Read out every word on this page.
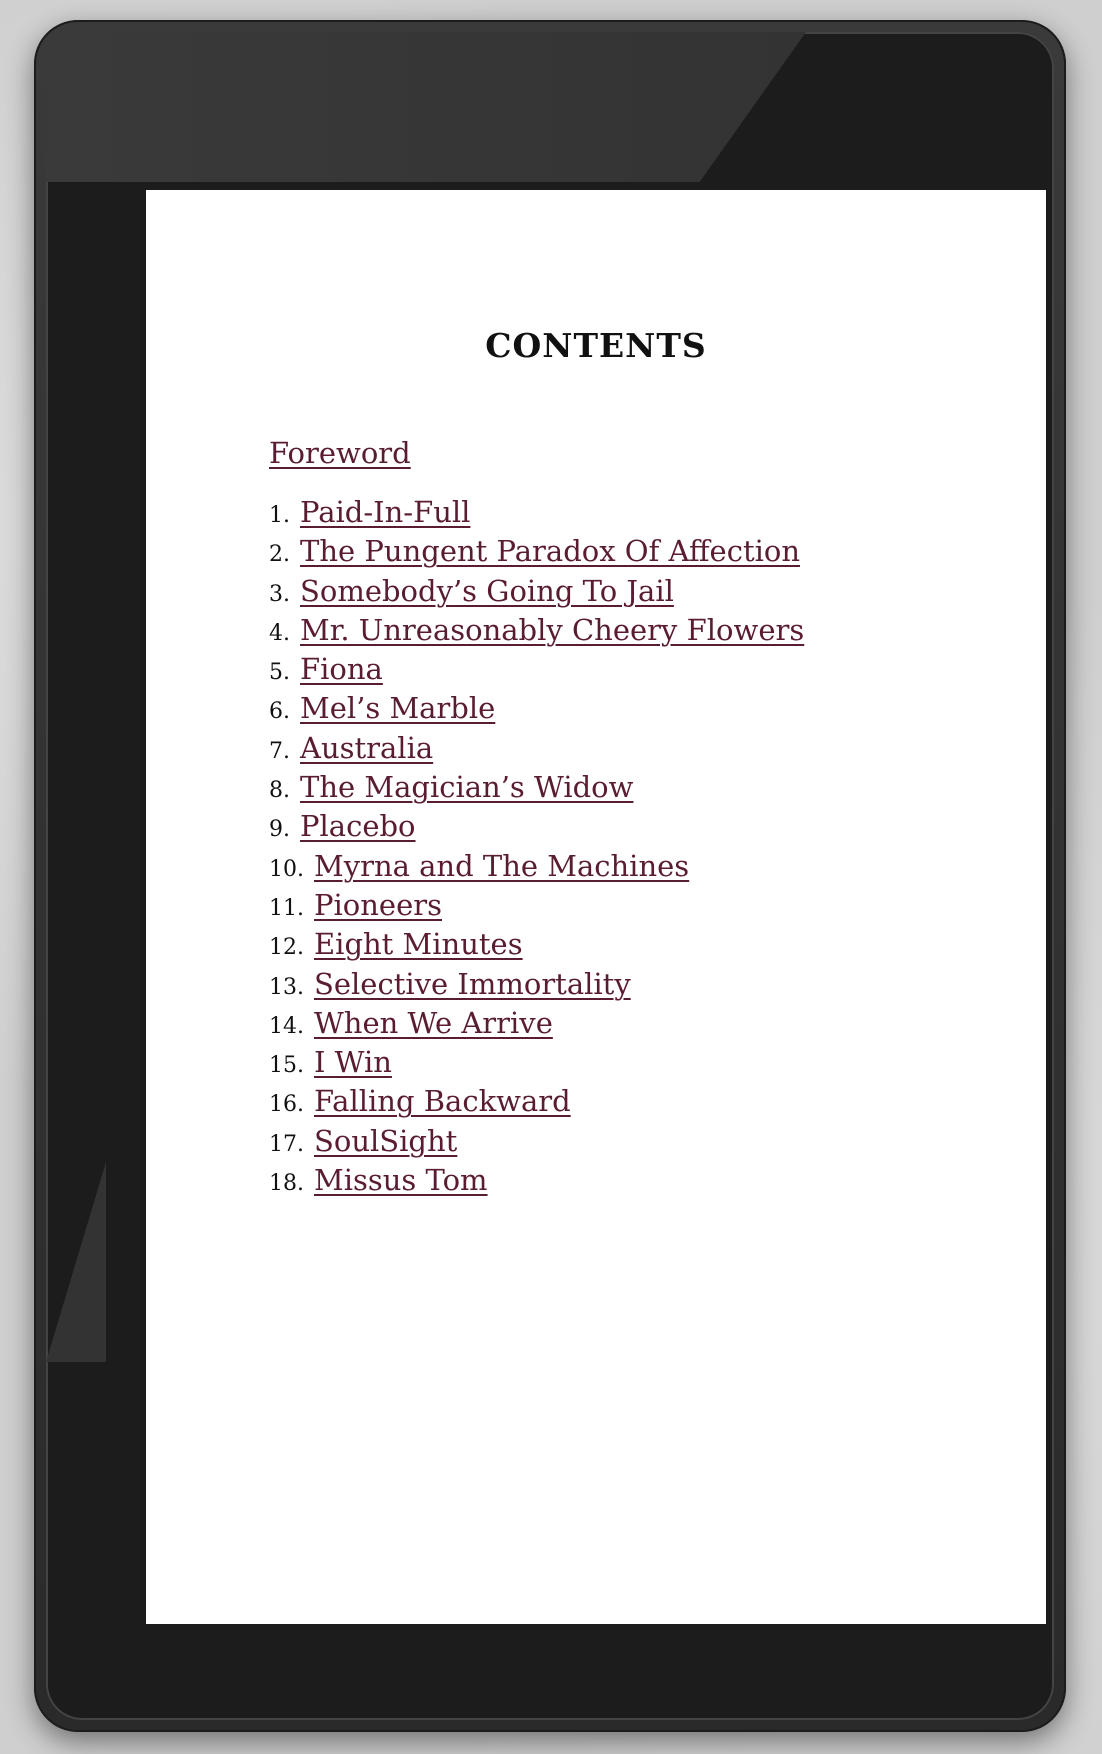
CONTENTS
Foreword
1. Paid-In-Full
2. The Pungent Paradox Of Affection
3. Somebody’s Going To Jail
4. Mr. Unreasonably Cheery Flowers
5. Fiona
6. Mel’s Marble
7. Australia
8. The Magician’s Widow
9. Placebo
10. Myrna and The Machines
11. Pioneers
12. Eight Minutes
13. Selective Immortality
14. When We Arrive
15. I Win
16. Falling Backward
17. SoulSight
18. Missus Tom
